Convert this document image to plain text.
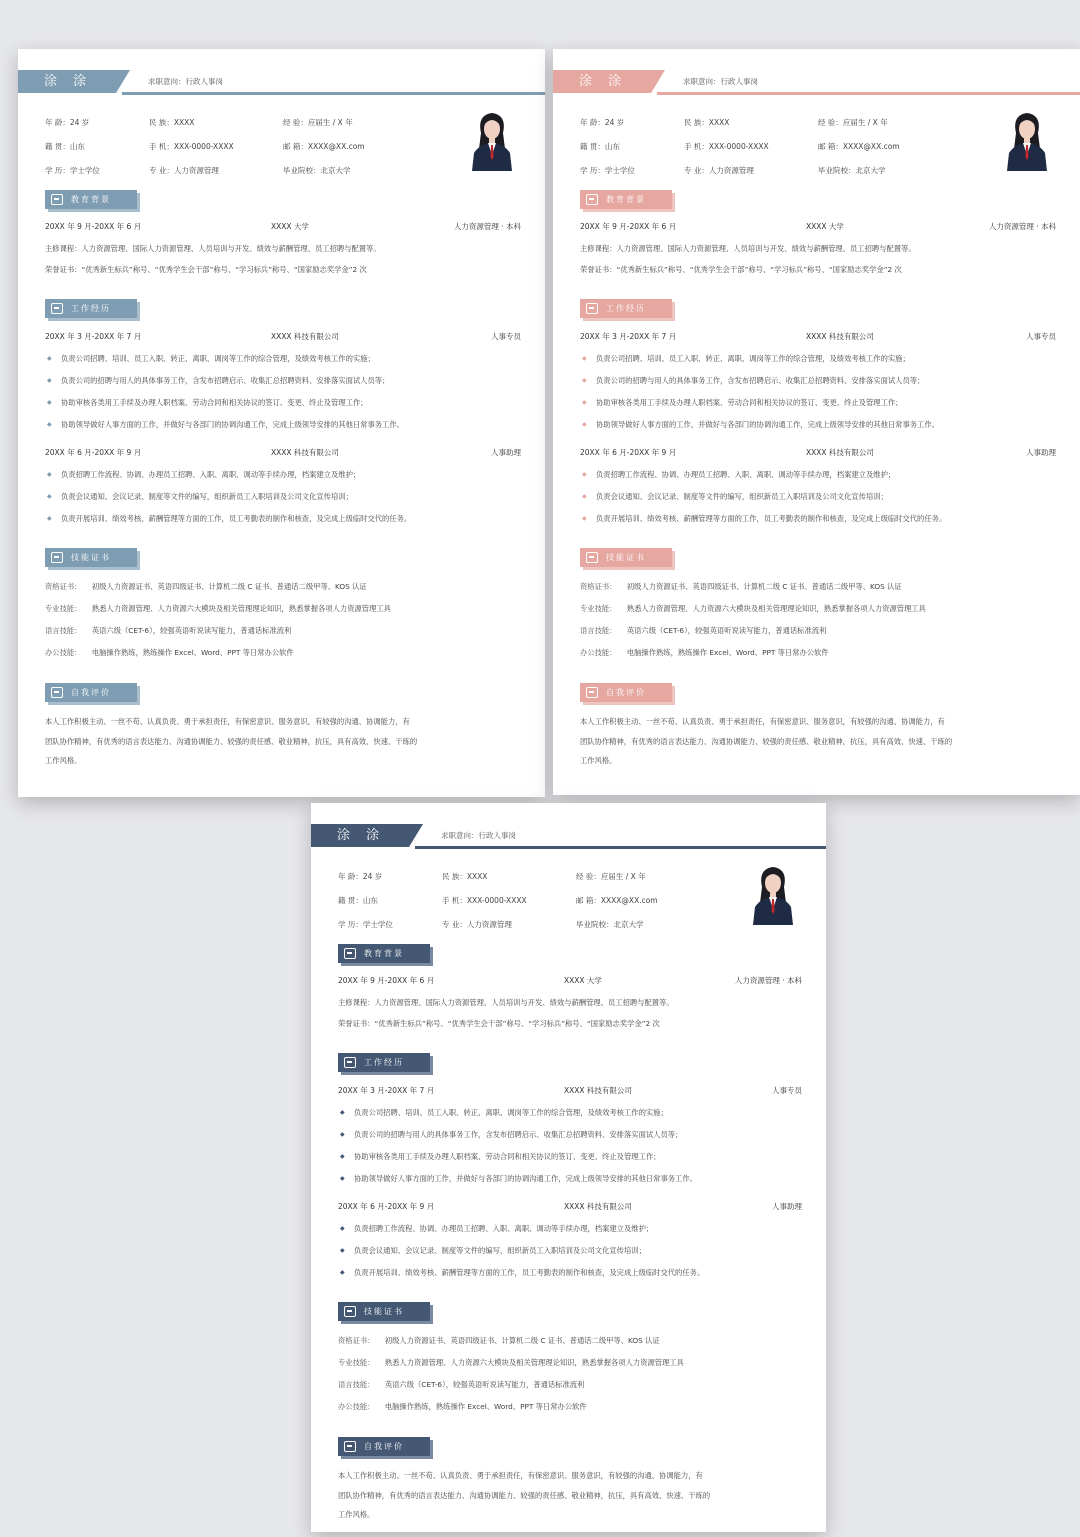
涂 涂	求职意向：行政人事岗
年 龄：24 岁	民 族：XXXX	经 验：应届生 / X 年
籍 贯：山东	手 机：XXX-0000-XXXX	邮 箱：XXXX@XX.com
学 历：学士学位	专 业：人力资源管理	毕业院校：北京大学
教育背景
20XX 年 9 月-20XX 年 6 月	XXXX 大学	人力资源管理 · 本科
主修课程：人力资源管理、国际人力资源管理、人员培训与开发、绩效与薪酬管理、员工招聘与配置等。
荣誉证书：“优秀新生标兵”称号、“优秀学生会干部”称号、“学习标兵”称号、“国家励志奖学金”2 次
工作经历
20XX 年 3 月-20XX 年 7 月	XXXX 科技有限公司	人事专员
◆ 负责公司招聘、培训、员工入职、转正、离职、调岗等工作的综合管理，及绩效考核工作的实施；
◆ 负责公司的招聘与用人的具体事务工作，含发布招聘启示、收集汇总招聘资料、安排落实面试人员等；
◆ 协助审核各类用工手续及办理人职档案、劳动合同和相关协议的签订、变更、终止及管理工作；
◆ 协助领导做好人事方面的工作，并做好与各部门的协调沟通工作，完成上级领导安排的其他日常事务工作。
20XX 年 6 月-20XX 年 9 月	XXXX 科技有限公司	人事助理
◆ 负责招聘工作流程、协调、办理员工招聘、入职、离职、调动等手续办理，档案建立及维护；
◆ 负责会议通知、会议记录、制度等文件的编写，组织新员工入职培训及公司文化宣传培训；
◆ 负责开展培训、绩效考核、薪酬管理等方面的工作，员工考勤表的制作和核查，及完成上级临时交代的任务。
技能证书
资格证书： 初级人力资源证书、英语四级证书、计算机二级 C 证书、普通话二级甲等、KOS 认证
专业技能： 熟悉人力资源管理、人力资源六大模块及相关管理理论知识，熟悉掌握各项人力资源管理工具
语言技能： 英语六级（CET-6），较强英语听说读写能力，普通话标准流利
办公技能： 电脑操作熟练，熟练操作 Excel、Word、PPT 等日常办公软件
自我评价
本人工作积极主动、一丝不苟、认真负责、勇于承担责任，有保密意识、服务意识，有较强的沟通、协调能力，有
团队协作精神，有优秀的语言表达能力、沟通协调能力、较强的责任感、敬业精神，抗压，具有高效、快速、干练的
工作风格。
涂 涂	求职意向：行政人事岗
年 龄：24 岁	民 族：XXXX	经 验：应届生 / X 年
籍 贯：山东	手 机：XXX-0000-XXXX	邮 箱：XXXX@XX.com
学 历：学士学位	专 业：人力资源管理	毕业院校：北京大学
教育背景
20XX 年 9 月-20XX 年 6 月	XXXX 大学	人力资源管理 · 本科
主修课程：人力资源管理、国际人力资源管理、人员培训与开发、绩效与薪酬管理、员工招聘与配置等。
荣誉证书：“优秀新生标兵”称号、“优秀学生会干部”称号、“学习标兵”称号、“国家励志奖学金”2 次
工作经历
20XX 年 3 月-20XX 年 7 月	XXXX 科技有限公司	人事专员
◆ 负责公司招聘、培训、员工入职、转正、离职、调岗等工作的综合管理，及绩效考核工作的实施；
◆ 负责公司的招聘与用人的具体事务工作，含发布招聘启示、收集汇总招聘资料、安排落实面试人员等；
◆ 协助审核各类用工手续及办理人职档案、劳动合同和相关协议的签订、变更、终止及管理工作；
◆ 协助领导做好人事方面的工作，并做好与各部门的协调沟通工作，完成上级领导安排的其他日常事务工作。
20XX 年 6 月-20XX 年 9 月	XXXX 科技有限公司	人事助理
◆ 负责招聘工作流程、协调、办理员工招聘、入职、离职、调动等手续办理，档案建立及维护；
◆ 负责会议通知、会议记录、制度等文件的编写，组织新员工入职培训及公司文化宣传培训；
◆ 负责开展培训、绩效考核、薪酬管理等方面的工作，员工考勤表的制作和核查，及完成上级临时交代的任务。
技能证书
资格证书： 初级人力资源证书、英语四级证书、计算机二级 C 证书、普通话二级甲等、KOS 认证
专业技能： 熟悉人力资源管理、人力资源六大模块及相关管理理论知识，熟悉掌握各项人力资源管理工具
语言技能： 英语六级（CET-6），较强英语听说读写能力，普通话标准流利
办公技能： 电脑操作熟练，熟练操作 Excel、Word、PPT 等日常办公软件
自我评价
本人工作积极主动、一丝不苟、认真负责、勇于承担责任，有保密意识、服务意识，有较强的沟通、协调能力，有
团队协作精神，有优秀的语言表达能力、沟通协调能力、较强的责任感、敬业精神，抗压，具有高效、快速、干练的
工作风格。
涂 涂	求职意向：行政人事岗
年 龄：24 岁	民 族：XXXX	经 验：应届生 / X 年
籍 贯：山东	手 机：XXX-0000-XXXX	邮 箱：XXXX@XX.com
学 历：学士学位	专 业：人力资源管理	毕业院校：北京大学
教育背景
20XX 年 9 月-20XX 年 6 月	XXXX 大学	人力资源管理 · 本科
主修课程：人力资源管理、国际人力资源管理、人员培训与开发、绩效与薪酬管理、员工招聘与配置等。
荣誉证书：“优秀新生标兵”称号、“优秀学生会干部”称号、“学习标兵”称号、“国家励志奖学金”2 次
工作经历
20XX 年 3 月-20XX 年 7 月	XXXX 科技有限公司	人事专员
◆ 负责公司招聘、培训、员工入职、转正、离职、调岗等工作的综合管理，及绩效考核工作的实施；
◆ 负责公司的招聘与用人的具体事务工作，含发布招聘启示、收集汇总招聘资料、安排落实面试人员等；
◆ 协助审核各类用工手续及办理人职档案、劳动合同和相关协议的签订、变更、终止及管理工作；
◆ 协助领导做好人事方面的工作，并做好与各部门的协调沟通工作，完成上级领导安排的其他日常事务工作。
20XX 年 6 月-20XX 年 9 月	XXXX 科技有限公司	人事助理
◆ 负责招聘工作流程、协调、办理员工招聘、入职、离职、调动等手续办理，档案建立及维护；
◆ 负责会议通知、会议记录、制度等文件的编写，组织新员工入职培训及公司文化宣传培训；
◆ 负责开展培训、绩效考核、薪酬管理等方面的工作，员工考勤表的制作和核查，及完成上级临时交代的任务。
技能证书
资格证书： 初级人力资源证书、英语四级证书、计算机二级 C 证书、普通话二级甲等、KOS 认证
专业技能： 熟悉人力资源管理、人力资源六大模块及相关管理理论知识，熟悉掌握各项人力资源管理工具
语言技能： 英语六级（CET-6），较强英语听说读写能力，普通话标准流利
办公技能： 电脑操作熟练，熟练操作 Excel、Word、PPT 等日常办公软件
自我评价
本人工作积极主动、一丝不苟、认真负责、勇于承担责任，有保密意识、服务意识，有较强的沟通、协调能力，有
团队协作精神，有优秀的语言表达能力、沟通协调能力、较强的责任感、敬业精神，抗压，具有高效、快速、干练的
工作风格。
